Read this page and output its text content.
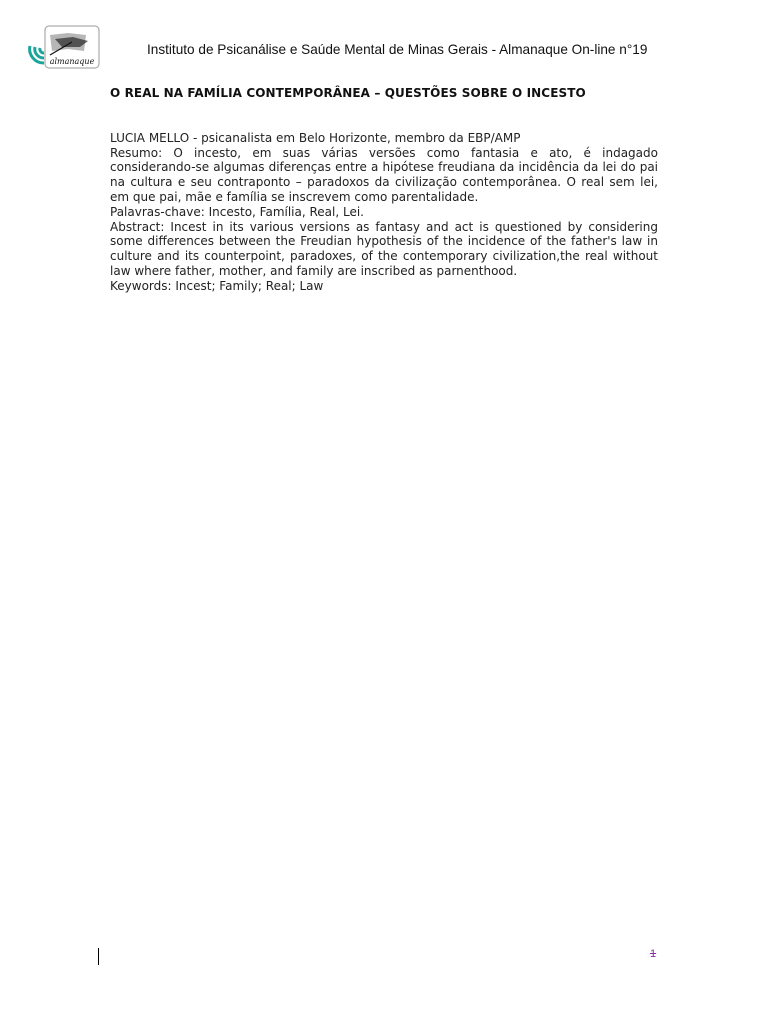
almanaque
Instituto de Psicanálise e Saúde Mental de Minas Gerais - Almanaque On-line n°19

O REAL NA FAMÍLIA CONTEMPORÂNEA – QUESTÕES SOBRE O INCESTO

LUCIA MELLO - psicanalista em Belo Horizonte, membro da EBP/AMP

Resumo: O incesto, em suas várias versões como fantasia e ato, é indagado considerando-se algumas diferenças entre a hipótese freudiana da incidência da lei do pai na cultura e seu contraponto – paradoxos da civilização contemporânea. O real sem lei, em que pai, mãe e família se inscrevem como parentalidade.

Palavras-chave: Incesto, Família, Real, Lei.

Abstract: Incest in its various versions as fantasy and act is questioned by considering some differences between the Freudian hypothesis of the incidence of the father's law in culture and its counterpoint, paradoxes, of the contemporary civilization,the real without law where father, mother, and family are inscribed as parnenthood.

Keywords: Incest; Family; Real; Law

1
